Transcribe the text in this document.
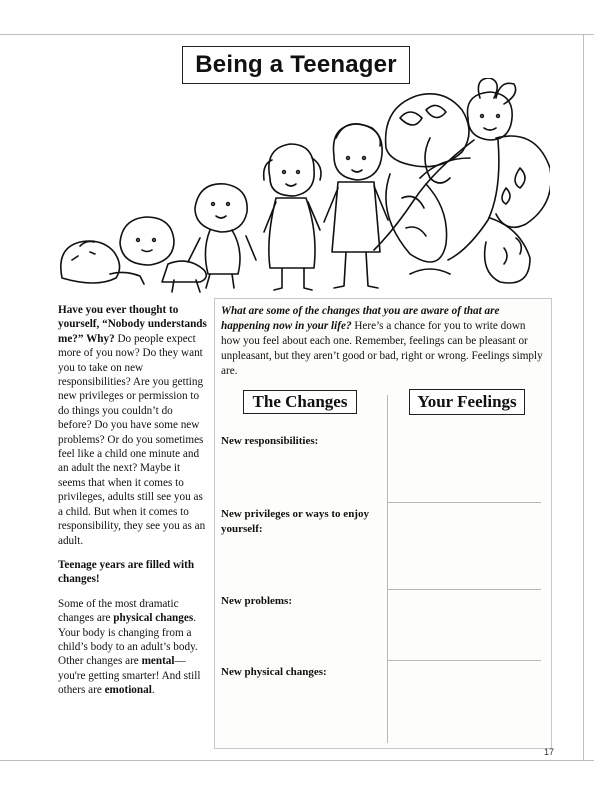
Being a Teenager

Have you ever thought to yourself, “Nobody understands me?” Why? Do people expect more of you now? Do they want you to take on new responsibilities? Are you getting new privileges or permission to do things you couldn’t do before? Do you have some new problems? Or do you sometimes feel like a child one minute and an adult the next? Maybe it seems that when it comes to privileges, adults still see you as a child. But when it comes to responsibility, they see you as an adult.

Teenage years are filled with changes!

Some of the most dramatic changes are physical changes. Your body is changing from a child’s body to an adult’s body. Other changes are mental—you're getting smarter! And still others are emotional.

What are some of the changes that you are aware of that are happening now in your life? Here’s a chance for you to write down how you feel about each one. Remember, feelings can be pleasant or unpleasant, but they aren’t good or bad, right or wrong. Feelings simply are.
The Changes	Your Feelings
New responsibilities:
New privileges or ways to enjoy yourself:
New problems:
New physical changes:
17
